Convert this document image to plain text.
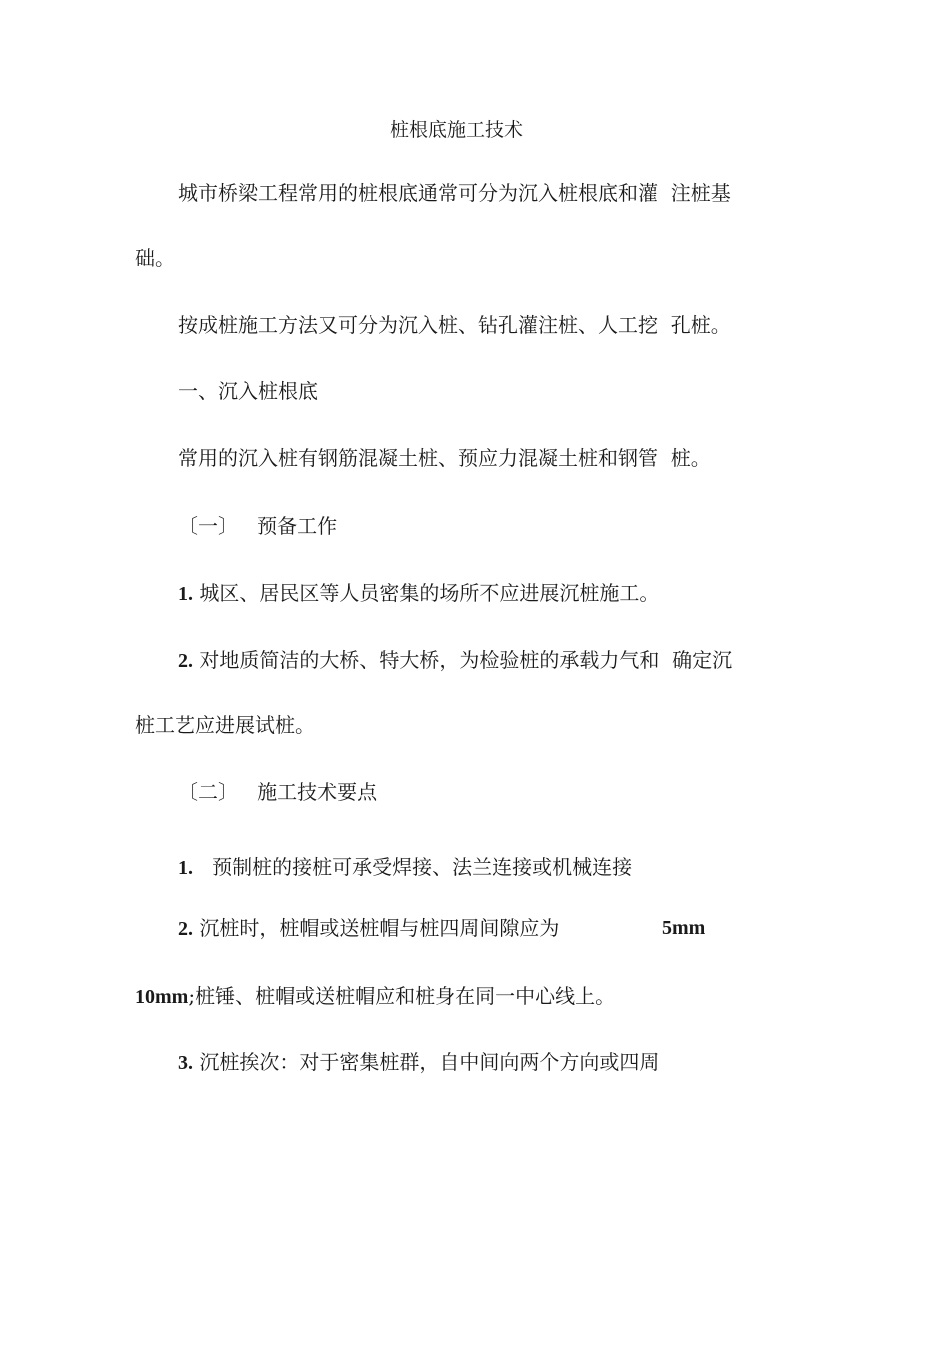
桩根底施工技术
城市桥梁工程常用的桩根底通常可分为沉入桩根底和灌  注桩基
础。
按成桩施工方法又可分为沉入桩、钻孔灌注桩、人工挖  孔桩。
一、沉入桩根底
常用的沉入桩有钢筋混凝土桩、预应力混凝土桩和钢管  桩。
〔一〕   预备工作
1. 城区、居民区等人员密集的场所不应进展沉桩施工。
2. 对地质简洁的大桥、特大桥，为检验桩的承载力气和  确定沉
桩工艺应进展试桩。
〔二〕   施工技术要点
1. 预制桩的接桩可承受焊接、法兰连接或机械连接
2. 沉桩时，桩帽或送桩帽与桩四周间隙应为	5mm
10mm;桩锤、桩帽或送桩帽应和桩身在同一中心线上。
3. 沉桩挨次：对于密集桩群，自中间向两个方向或四周
